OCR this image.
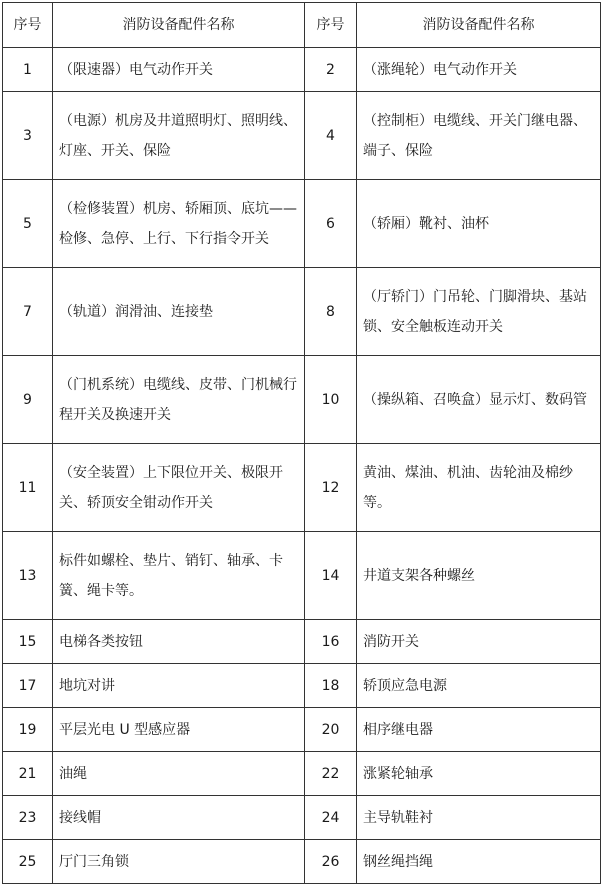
序号	消防设备配件名称	序号	消防设备配件名称
1	（限速器）电气动作开关	2	（涨绳轮）电气动作开关
3	（电源）机房及井道照明灯、照明线、灯座、开关、保险	4	（控制柜）电缆线、开关门继电器、端子、保险
5	（检修装置）机房、轿厢顶、底坑——检修、急停、上行、下行指令开关	6	（轿厢）靴衬、油杯
7	（轨道）润滑油、连接垫	8	（厅轿门）门吊轮、门脚滑块、基站锁、安全触板连动开关
9	（门机系统）电缆线、皮带、门机械行程开关及换速开关	10	（操纵箱、召唤盒）显示灯、数码管
11	（安全装置）上下限位开关、极限开关、轿顶安全钳动作开关	12	黄油、煤油、机油、齿轮油及棉纱等。
13	标件如螺栓、垫片、销钉、轴承、卡簧、绳卡等。	14	井道支架各种螺丝
15	电梯各类按钮	16	消防开关
17	地坑对讲	18	轿顶应急电源
19	平层光电 U 型感应器	20	相序继电器
21	油绳	22	涨紧轮轴承
23	接线帽	24	主导轨鞋衬
25	厅门三角锁	26	钢丝绳挡绳
